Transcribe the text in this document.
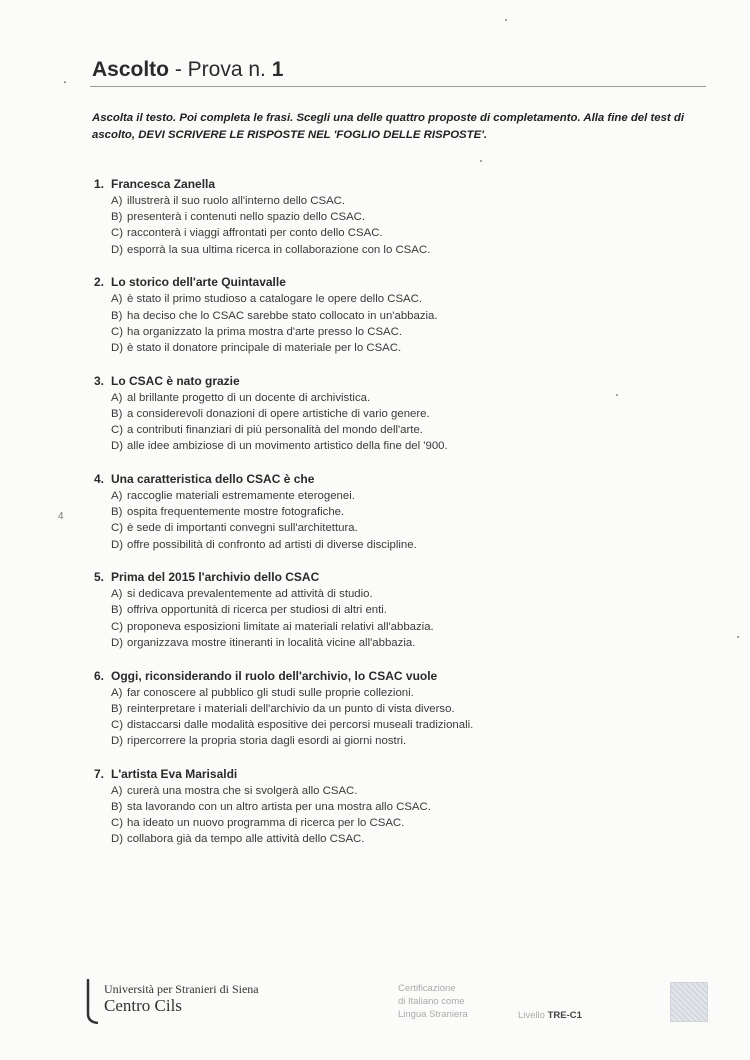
. Ascolto - Prova n. 1
Ascolta il testo. Poi completa le frasi. Scegli una delle quattro proposte di completamento. Alla fine del test di
ascolto, DEVI SCRIVERE LE RISPOSTE NEL 'FOGLIO DELLE RISPOSTE'.
4
1. Francesca Zanella
A) illustrerà il suo ruolo all'interno dello CSAC.
B) presenterà i contenuti nello spazio dello CSAC.
C) racconterà i viaggi affrontati per conto dello CSAC.
D) esporrà la sua ultima ricerca in collaborazione con lo CSAC.
2. Lo storico dell'arte Quintavalle
A) è stato il primo studioso a catalogare le opere dello CSAC.
B) ha deciso che lo CSAC sarebbe stato collocato in un'abbazia.
C) ha organizzato la prima mostra d'arte presso lo CSAC.
D) è stato il donatore principale di materiale per lo CSAC.
3. Lo CSAC è nato grazie
A) al brillante progetto di un docente di archivistica.
B) a considerevoli donazioni di opere artistiche di vario genere.
C) a contributi finanziari di più personalità del mondo dell'arte.
D) alle idee ambiziose di un movimento artistico della fine del '900.
4. Una caratteristica dello CSAC è che
A) raccoglie materiali estremamente eterogenei.
B) ospita frequentemente mostre fotografiche.
C) è sede di importanti convegni sull'architettura.
D) offre possibilità di confronto ad artisti di diverse discipline.
5. Prima del 2015 l'archivio dello CSAC
A) si dedicava prevalentemente ad attività di studio.
B) offriva opportunità di ricerca per studiosi di altri enti.
C) proponeva esposizioni limitate ai materiali relativi all'abbazia.
D) organizzava mostre itineranti in località vicine all'abbazia.
6. Oggi, riconsiderando il ruolo dell'archivio, lo CSAC vuole
A) far conoscere al pubblico gli studi sulle proprie collezioni.
B) reinterpretare i materiali dell'archivio da un punto di vista diverso.
C) distaccarsi dalle modalità espositive dei percorsi museali tradizionali.
D) ripercorrere la propria storia dagli esordi ai giorni nostri.
7. L'artista Eva Marisaldi
A) curerà una mostra che si svolgerà allo CSAC.
B) sta lavorando con un altro artista per una mostra allo CSAC.
C) ha ideato un nuovo programma di ricerca per lo CSAC.
D) collabora già da tempo alle attività dello CSAC.
Università per Stranieri di Siena
Centro Cils
Certificazione
di Italiano come
Lingua Straniera	Livello TRE-C1
